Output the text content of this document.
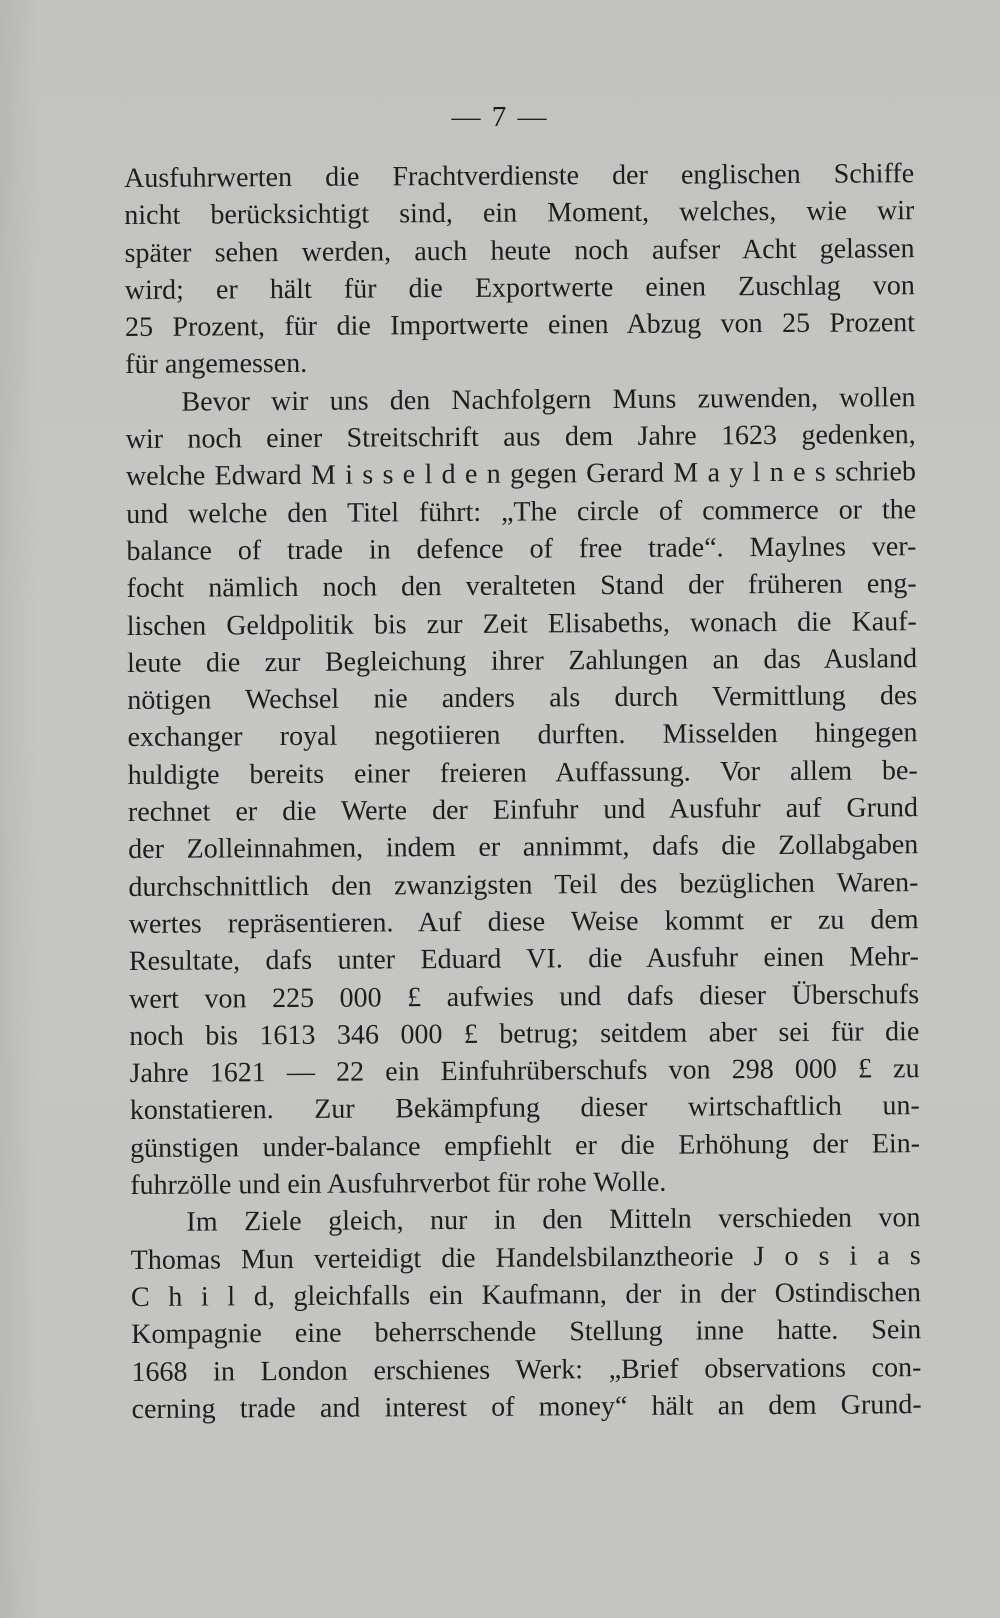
— 7 —
Ausfuhrwerten die Frachtverdienste der englischen Schiffe
nicht berücksichtigt sind, ein Moment, welches, wie wir
später sehen werden, auch heute noch aufser Acht gelassen
wird; er hält für die Exportwerte einen Zuschlag von
25 Prozent, für die Importwerte einen Abzug von 25 Prozent
für angemessen.
Bevor wir uns den Nachfolgern Muns zuwenden, wollen
wir noch einer Streitschrift aus dem Jahre 1623 gedenken,
welche Edward M i s s e l d e n gegen Gerard M a y l n e s schrieb
und welche den Titel führt: „The circle of commerce or the
balance of trade in defence of free trade“. Maylnes ver-
focht nämlich noch den veralteten Stand der früheren eng-
lischen Geldpolitik bis zur Zeit Elisabeths, wonach die Kauf-
leute die zur Begleichung ihrer Zahlungen an das Ausland
nötigen Wechsel nie anders als durch Vermittlung des
exchanger royal negotiieren durften. Misselden hingegen
huldigte bereits einer freieren Auffassung. Vor allem be-
rechnet er die Werte der Einfuhr und Ausfuhr auf Grund
der Zolleinnahmen, indem er annimmt, dafs die Zollabgaben
durchschnittlich den zwanzigsten Teil des bezüglichen Waren-
wertes repräsentieren. Auf diese Weise kommt er zu dem
Resultate, dafs unter Eduard VI. die Ausfuhr einen Mehr-
wert von 225 000 £ aufwies und dafs dieser Überschufs
noch bis 1613 346 000 £ betrug; seitdem aber sei für die
Jahre 1621 — 22 ein Einfuhrüberschufs von 298 000 £ zu
konstatieren. Zur Bekämpfung dieser wirtschaftlich un-
günstigen under-balance empfiehlt er die Erhöhung der Ein-
fuhrzölle und ein Ausfuhrverbot für rohe Wolle.
Im Ziele gleich, nur in den Mitteln verschieden von
Thomas Mun verteidigt die Handelsbilanztheorie J o s i a s
C h i l d, gleichfalls ein Kaufmann, der in der Ostindischen
Kompagnie eine beherrschende Stellung inne hatte. Sein
1668 in London erschienes Werk: „Brief observations con-
cerning trade and interest of money“ hält an dem Grund-
